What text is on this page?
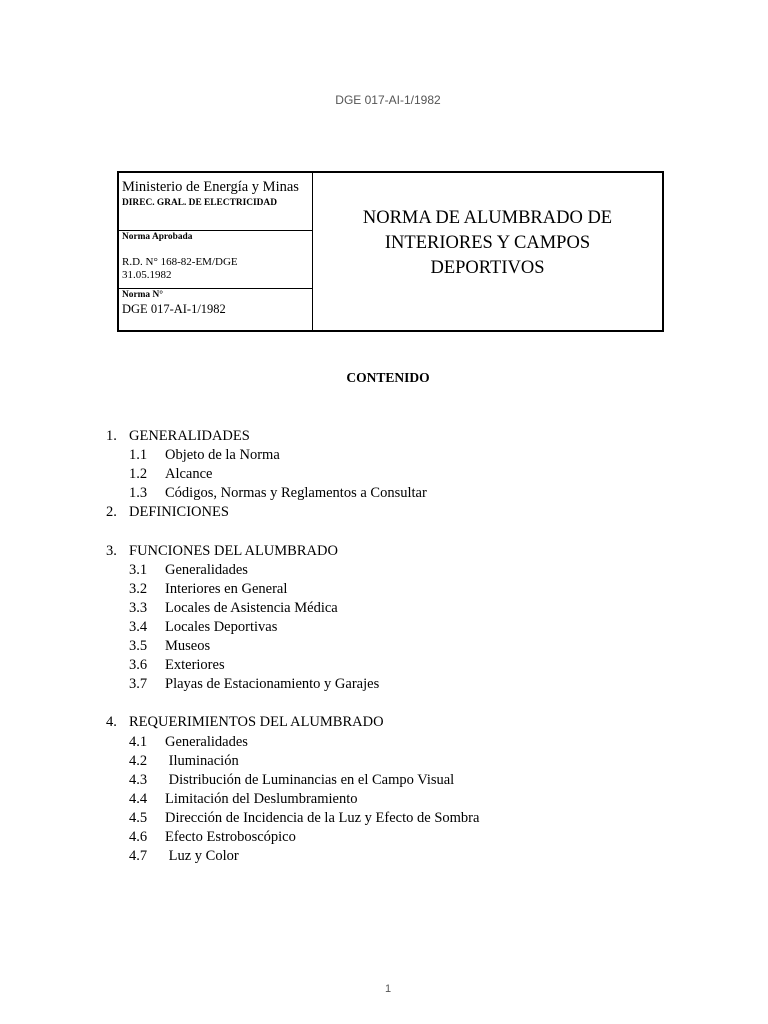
DGE 017-AI-1/1982
Ministerio de Energía y Minas
DIREC. GRAL. DE ELECTRICIDAD
Norma Aprobada
R.D. N° 168-82-EM/DGE
31.05.1982
Norma N°
DGE 017-AI-1/1982
NORMA DE ALUMBRADO DE
INTERIORES Y CAMPOS
DEPORTIVOS
CONTENIDO
1. GENERALIDADES
1.1 Objeto de la Norma
1.2 Alcance
1.3 Códigos, Normas y Reglamentos a Consultar
2. DEFINICIONES
3. FUNCIONES DEL ALUMBRADO
3.1 Generalidades
3.2 Interiores en General
3.3 Locales de Asistencia Médica
3.4 Locales Deportivas
3.5 Museos
3.6 Exteriores
3.7 Playas de Estacionamiento y Garajes
4. REQUERIMIENTOS DEL ALUMBRADO
4.1 Generalidades
4.2 Iluminación
4.3 Distribución de Luminancias en el Campo Visual
4.4 Limitación del Deslumbramiento
4.5 Dirección de Incidencia de la Luz y Efecto de Sombra
4.6 Efecto Estroboscópico
4.7 Luz y Color
1
